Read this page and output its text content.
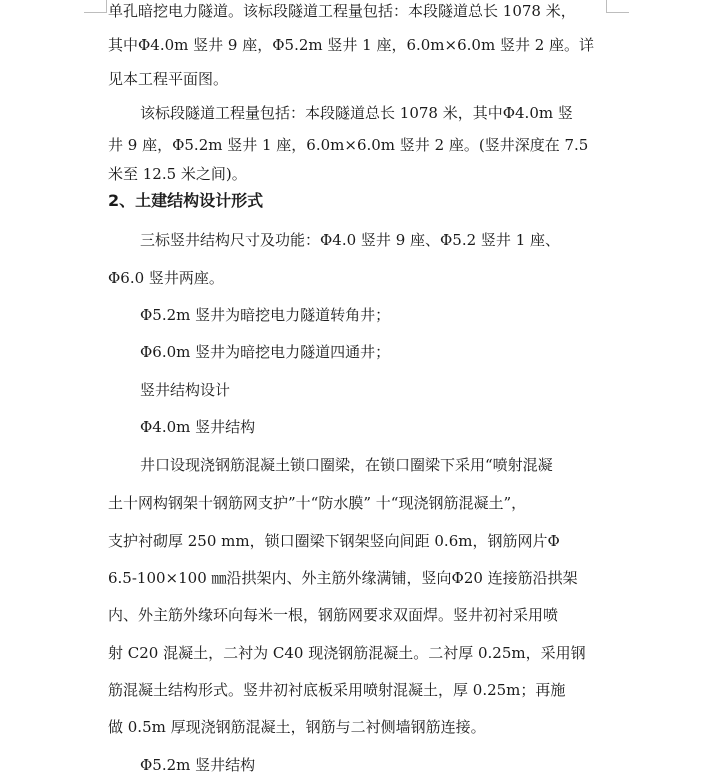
单孔暗挖电力隧道。该标段隧道工程量包括：本段隧道总长 1078 米，
其中Φ4.0m 竖井 9 座，Φ5.2m 竖井 1 座，6.0m×6.0m 竖井 2 座。详
见本工程平面图。
该标段隧道工程量包括：本段隧道总长 1078 米，其中Φ4.0m 竖
井 9 座，Φ5.2m 竖井 1 座，6.0m×6.0m 竖井 2 座。(竖井深度在 7.5
米至 12.5 米之间)。
2、土建结构设计形式
三标竖井结构尺寸及功能：Φ4.0 竖井 9 座、Φ5.2 竖井 1 座、
Φ6.0 竖井两座。
Φ5.2m 竖井为暗挖电力隧道转角井；
Φ6.0m 竖井为暗挖电力隧道四通井；
竖井结构设计
Φ4.0m 竖井结构
井口设现浇钢筋混凝土锁口圈梁，在锁口圈梁下采用“喷射混凝
土十网构钢架十钢筋网支护”十“防水膜” 十“现浇钢筋混凝土”，
支护衬砌厚 250 mm，锁口圈梁下钢架竖向间距 0.6m，钢筋网片Φ
6.5-100×100 ㎜沿拱架内、外主筋外缘满铺，竖向Φ20 连接筋沿拱架
内、外主筋外缘环向每米一根，钢筋网要求双面焊。竖井初衬采用喷
射 C20 混凝土，二衬为 C40 现浇钢筋混凝土。二衬厚 0.25m，采用钢
筋混凝土结构形式。竖井初衬底板采用喷射混凝土，厚 0.25m；再施
做 0.5m 厚现浇钢筋混凝土，钢筋与二衬侧墙钢筋连接。
Φ5.2m 竖井结构
